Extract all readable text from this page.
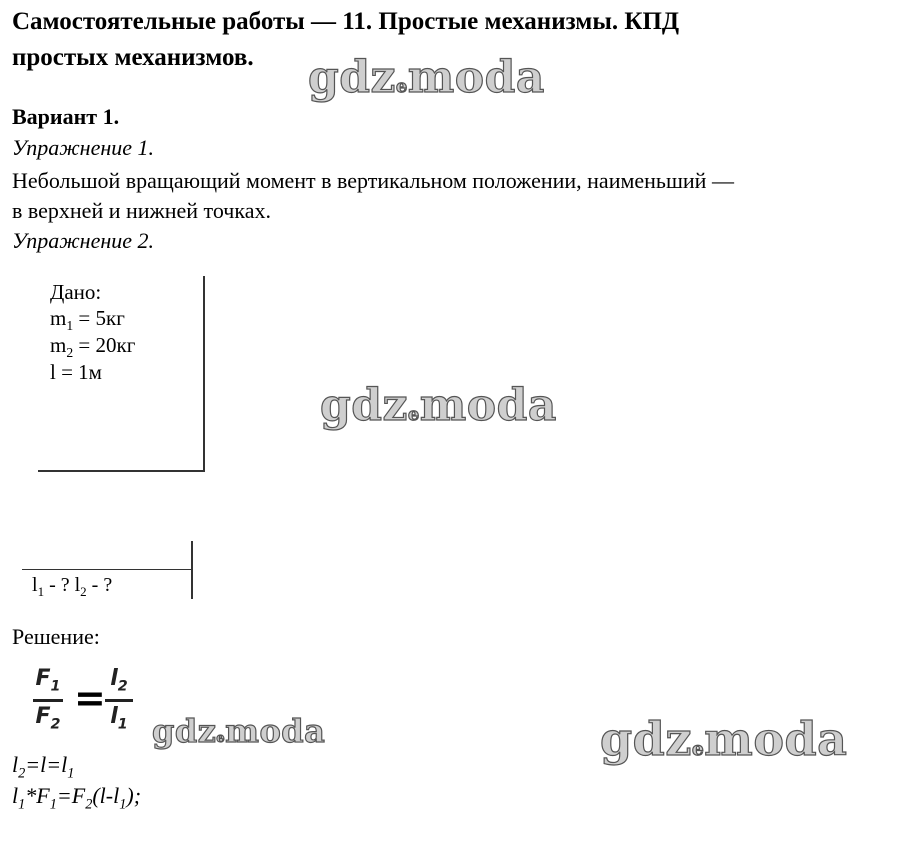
Самостоятельные работы — 11. Простые механизмы. КПД
простых механизмов.	gdzemoda
Вариант 1.
Упражнение 1.
Небольшой вращающий момент в вертикальном положении, наименьший —
в верхней и нижней точках.
Упражнение 2.
Дано:
$m_1 = 5кг$
$m_2 = 20кг$
l = 1м
gdzemoda
$l_1$ - ? $l_2$ - ?
Решение:
$F_1$
$F_2$
= $l_2$
$l_1$ gdzemoda	gdzemoda
$l_2=l=l_1$
$l_1*F_1=F_2(l-l_1)$;
